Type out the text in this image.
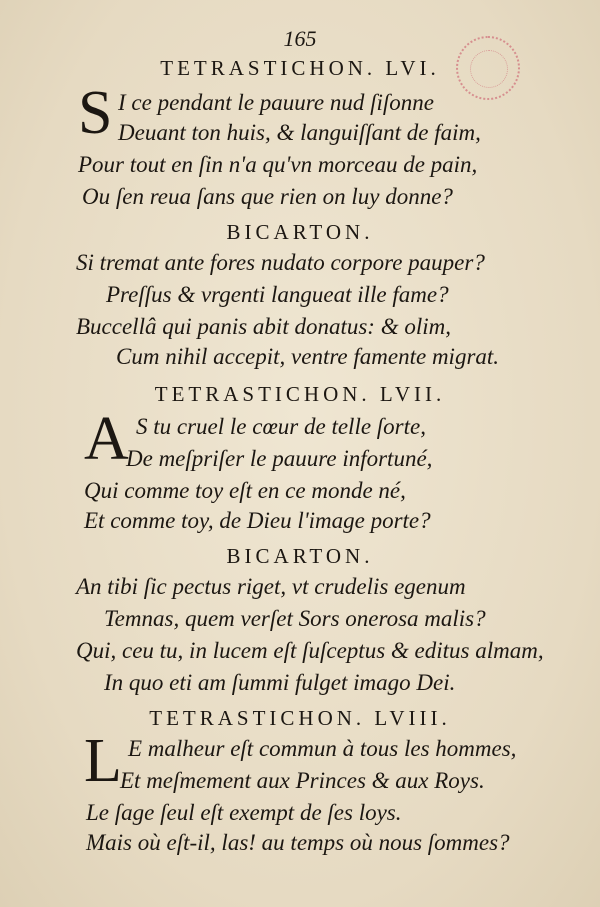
165
TETRASTICHON. LVI.
S I ce pendant le pauure nud ſiſonne
Deuant ton huis, & languiſſant de faim,
Pour tout en ſin n'a qu'vn morceau de pain,
Ou ſen reua ſans que rien on luy donne?
BICARTON.
Si tremat ante fores nudato corpore pauper?
Preſſus & vrgenti langueat ille fame?
Buccellâ qui panis abit donatus: & olim,
Cum nihil accepit, ventre famente migrat.
TETRASTICHON. LVII.
A S tu cruel le cœur de telle ſorte,
De meſpriſer le pauure infortuné,
Qui comme toy eſt en ce monde né,
Et comme toy, de Dieu l'image porte?
BICARTON.
An tibi ſic pectus riget, vt crudelis egenum
Temnas, quem verſet Sors onerosa malis?
Qui, ceu tu, in lucem eſt ſuſceptus & editus almam,
In quo eti am ſummi fulget imago Dei.
TETRASTICHON. LVIII.
L E malheur eſt commun à tous les hommes,
Et meſmement aux Princes & aux Roys.
Le ſage ſeul eſt exempt de ſes loys.
Mais où eſt-il, las! au temps où nous ſommes?
